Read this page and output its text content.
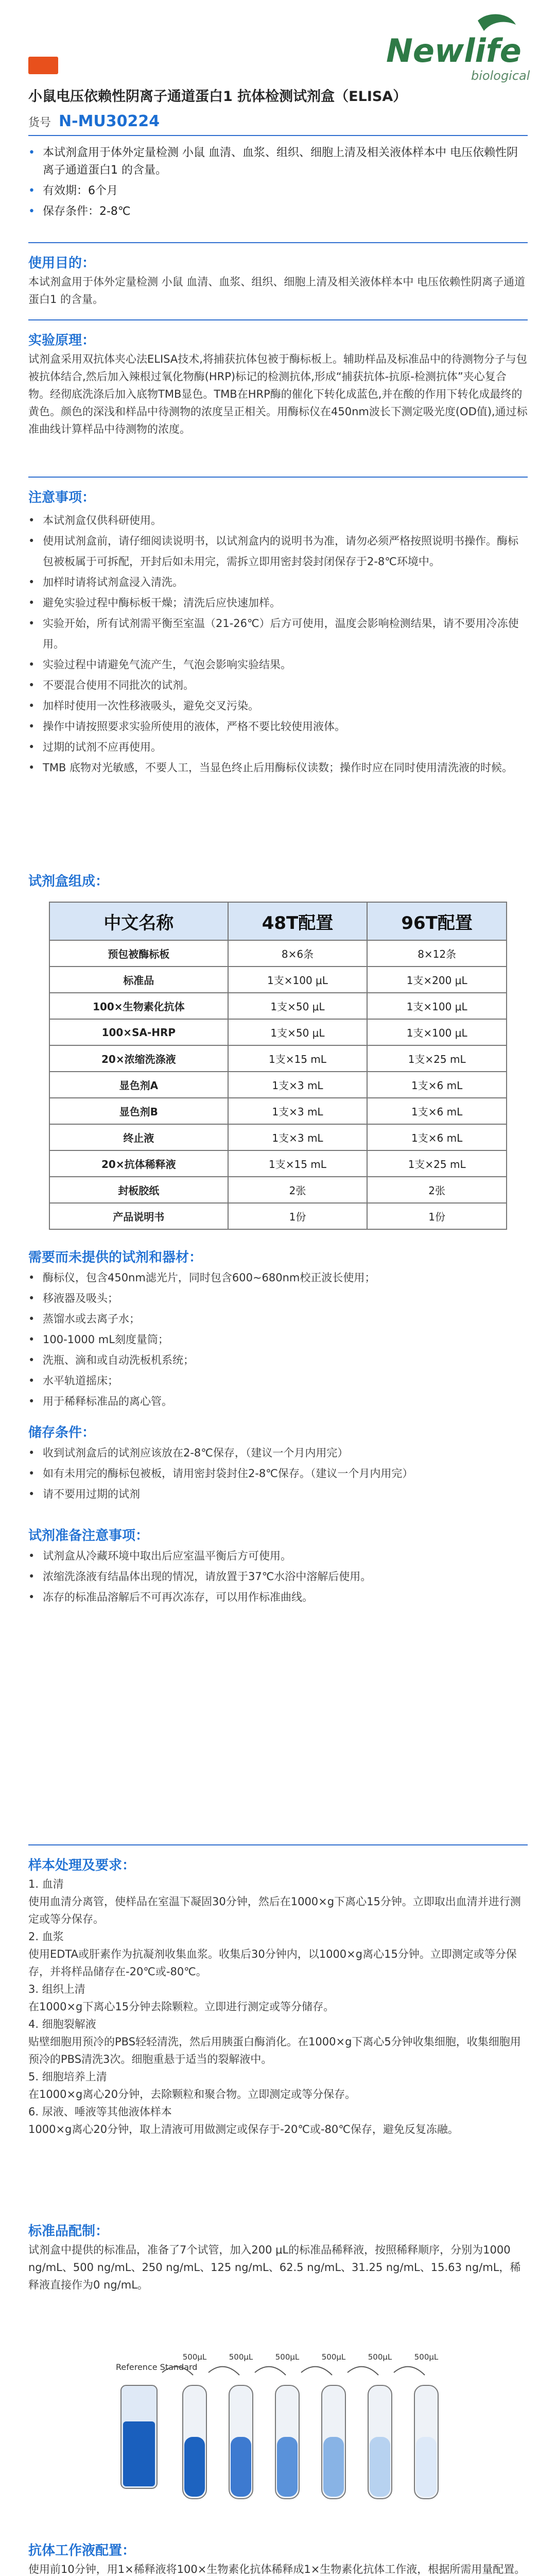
Newlife
biological
小鼠电压依赖性阴离子通道蛋白1 抗体检测试剂盒（ELISA）
货号 N-MU30224
• 本试剂盒用于体外定量检测 小鼠 血清、血浆、组织、细胞上清及相关液体样本中 电压依赖性阴离子通道蛋白1 的含量。
• 有效期：6个月
• 保存条件：2-8℃
使用目的：
本试剂盒用于体外定量检测 小鼠 血清、血浆、组织、细胞上清及相关液体样本中 电压依赖性阴离子通道蛋白1 的含量。
实验原理：
试剂盒采用双抗体夹心法ELISA技术,将捕获抗体包被于酶标板上。辅助样品及标准品中的待测物分子与包被抗体结合,然后加入辣根过氧化物酶(HRP)标记的检测抗体,形成“捕获抗体-抗原-检测抗体”夹心复合物。经彻底洗涤后加入底物TMB显色。TMB在HRP酶的催化下转化成蓝色,并在酸的作用下转化成最终的黄色。颜色的深浅和样品中待测物的浓度呈正相关。用酶标仪在450nm波长下测定吸光度(OD值),通过标准曲线计算样品中待测物的浓度。
注意事项：
• 本试剂盒仅供科研使用。
• 使用试剂盒前，请仔细阅读说明书，以试剂盒内的说明书为准，请勿必须严格按照说明书操作。酶标包被板属于可拆配，开封后如未用完，需拆立即用密封袋封闭保存于2-8℃环境中。
• 加样时请将试剂盒浸入清洗。
• 避免实验过程中酶标板干燥；清洗后应快速加样。
• 实验开始，所有试剂需平衡至室温（21-26℃）后方可使用，温度会影响检测结果，请不要用冷冻使用。
• 实验过程中请避免气流产生，气泡会影响实验结果。
• 不要混合使用不同批次的试剂。
• 加样时使用一次性移液吸头，避免交叉污染。
• 操作中请按照要求实验所使用的液体，严格不要比较使用液体。
• 过期的试剂不应再使用。
• TMB 底物对光敏感，不要人工，当显色终止后用酶标仪读数；操作时应在同时使用清洗液的时候。
试剂盒组成：
中文名称	48T配置	96T配置
预包被酶标板	8×6条	8×12条
标准品	1支×100 μL	1支×200 μL
100×生物素化抗体	1支×50 μL	1支×100 μL
100×SA-HRP	1支×50 μL	1支×100 μL
20×浓缩洗涤液	1支×15 mL	1支×25 mL
显色剂A	1支×3 mL	1支×6 mL
显色剂B	1支×3 mL	1支×6 mL
终止液	1支×3 mL	1支×6 mL
20×抗体稀释液	1支×15 mL	1支×25 mL
封板胶纸	2张	2张
产品说明书	1份	1份
需要而未提供的试剂和器材：
• 酶标仪，包含450nm滤光片，同时包含600~680nm校正波长使用；
• 移液器及吸头；
• 蒸馏水或去离子水；
• 100-1000 mL刻度量筒；
• 洗瓶、滴和或自动洗板机系统；
• 水平轨道摇床；
• 用于稀释标准品的离心管。
储存条件：
• 收到试剂盒后的试剂应该放在2-8℃保存，（建议一个月内用完）
• 如有未用完的酶标包被板，请用密封袋封住2-8℃保存。（建议一个月内用完）
• 请不要用过期的试剂
试剂准备注意事项：
• 试剂盒从冷藏环境中取出后应室温平衡后方可使用。
• 浓缩洗涤液有结晶体出现的情况，请放置于37℃水浴中溶解后使用。
• 冻存的标准品溶解后不可再次冻存，可以用作标准曲线。
样本处理及要求：
1. 血清
使用血清分离管，使样品在室温下凝固30分钟，然后在1000×g下离心15分钟。立即取出血清并进行测定或等分保存。
2. 血浆
使用EDTA或肝素作为抗凝剂收集血浆。收集后30分钟内，以1000×g离心15分钟。立即测定或等分保存，并将样品储存在-20℃或-80℃。
3. 组织上清
在1000×g下离心15分钟去除颗粒。立即进行测定或等分储存。
4. 细胞裂解液
贴壁细胞用预冷的PBS轻轻清洗，然后用胰蛋白酶消化。在1000×g下离心5分钟收集细胞，收集细胞用预冷的PBS清洗3次。细胞重悬于适当的裂解液中。
5. 细胞培养上清
在1000×g离心20分钟，去除颗粒和聚合物。立即测定或等分保存。
6. 尿液、唾液等其他液体样本
1000×g离心20分钟，取上清液可用做测定或保存于-20℃或-80℃保存，避免反复冻融。
标准品配制：
试剂盒中提供的标准品，准备了7个试管，加入200 μL的标准品稀释液，按照稀释顺序，分别为1000 ng/mL、500 ng/mL、250 ng/mL、125 ng/mL、62.5 ng/mL、31.25 ng/mL、15.63 ng/mL，稀释液直接作为0 ng/mL。
Reference Standard
500μL	500μL	500μL	500μL	500μL	500μL
抗体工作液配置：
使用前10分钟，用1×稀释液将100×生物素化抗体稀释成1×生物素化抗体工作液，根据所需用量配置。
